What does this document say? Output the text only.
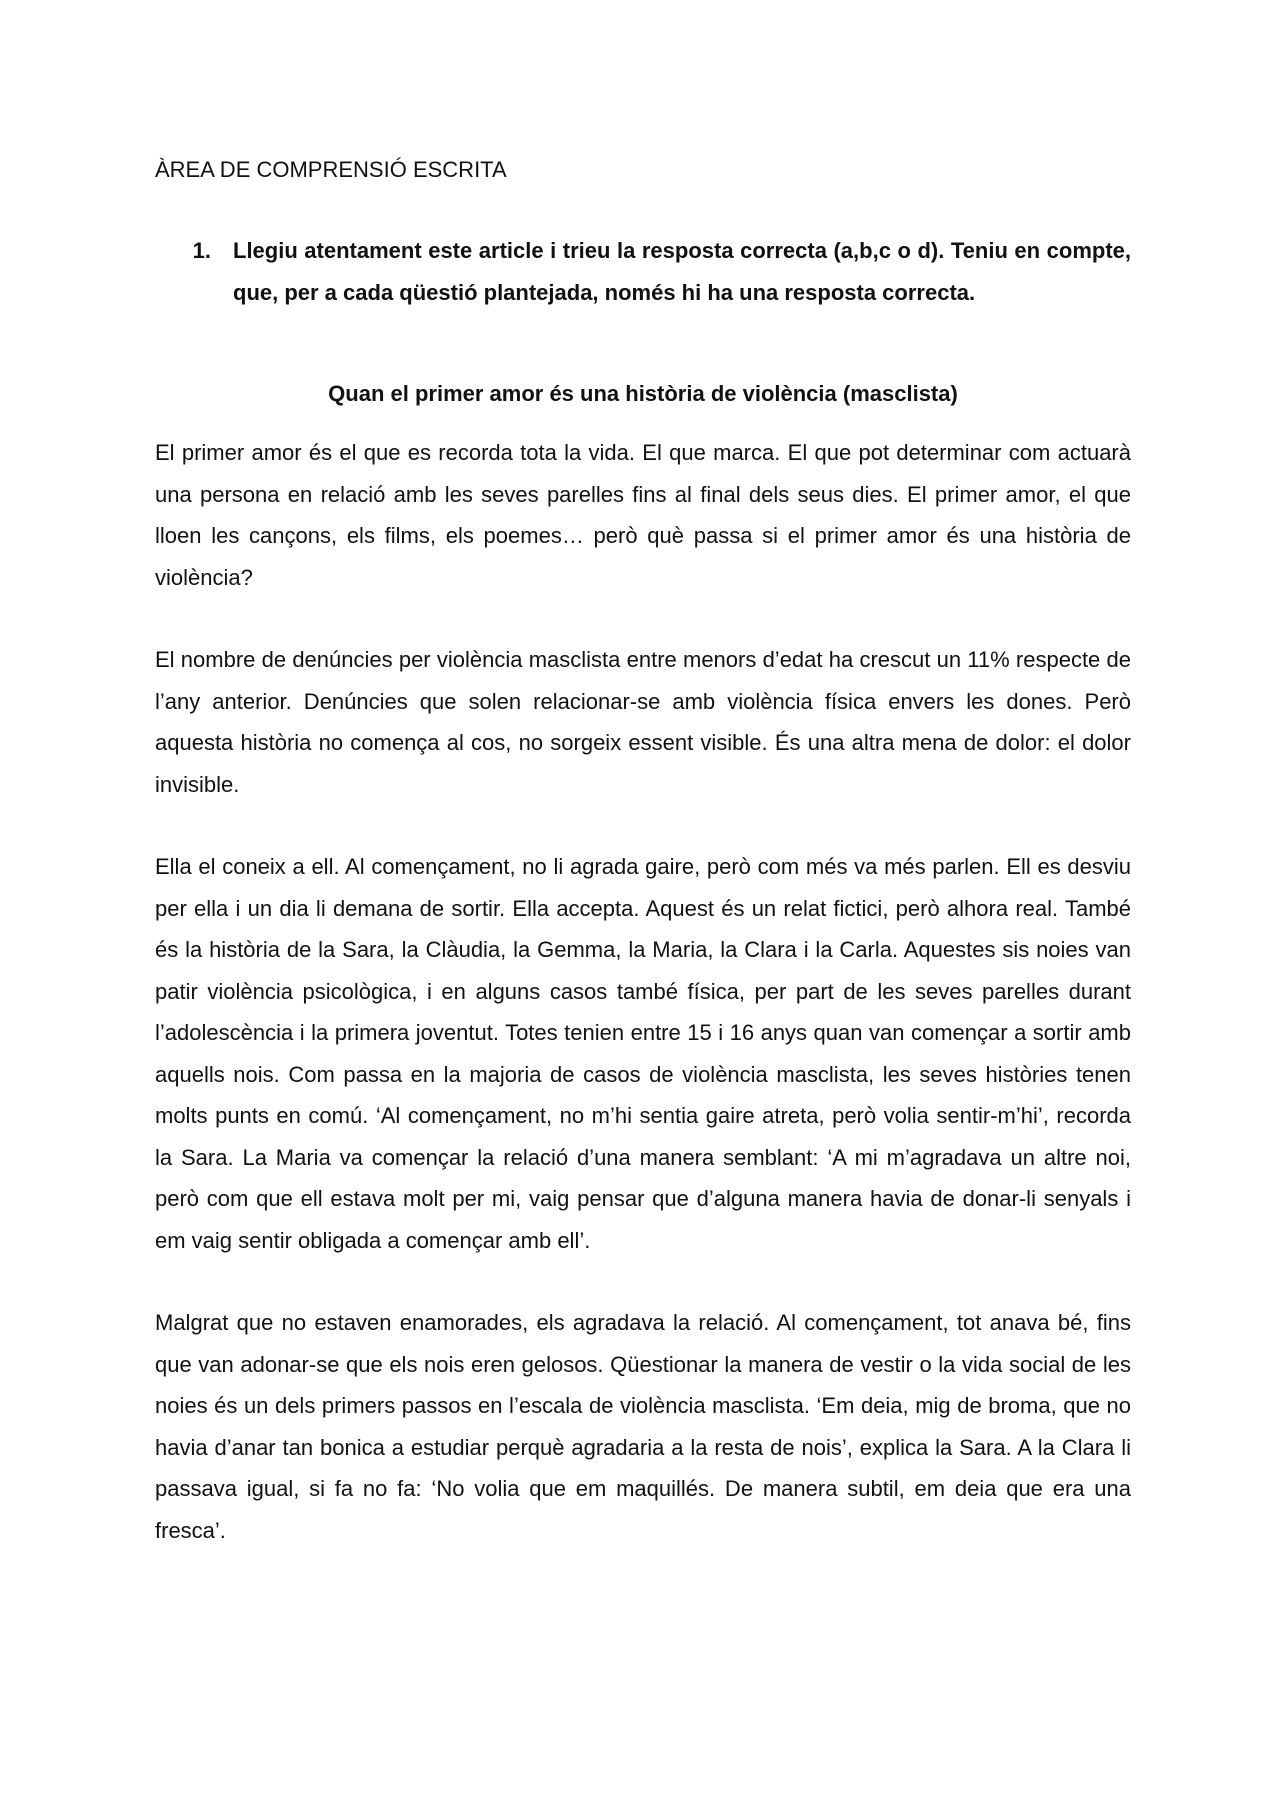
ÀREA DE COMPRENSIÓ ESCRITA
1.	Llegiu atentament este article i trieu la resposta correcta (a,b,c o d). Teniu en compte, que, per a cada qüestió plantejada, només hi ha una resposta correcta.
Quan el primer amor és una història de violència (masclista)

El primer amor és el que es recorda tota la vida. El que marca. El que pot determinar com actuarà una persona en relació amb les seves parelles fins al final dels seus dies. El primer amor, el que lloen les cançons, els films, els poemes… però què passa si el primer amor és una història de violència?

El nombre de denúncies per violència masclista entre menors d’edat ha crescut un 11% respecte de l’any anterior. Denúncies que solen relacionar-se amb violència física envers les dones. Però aquesta història no comença al cos, no sorgeix essent visible. És una altra mena de dolor: el dolor invisible.

Ella el coneix a ell. Al començament, no li agrada gaire, però com més va més parlen. Ell es desviu per ella i un dia li demana de sortir. Ella accepta. Aquest és un relat fictici, però alhora real. També és la història de la Sara, la Clàudia, la Gemma, la Maria, la Clara i la Carla. Aquestes sis noies van patir violència psicològica, i en alguns casos també física, per part de les seves parelles durant l’adolescència i la primera joventut. Totes tenien entre 15 i 16 anys quan van començar a sortir amb aquells nois. Com passa en la majoria de casos de violència masclista, les seves històries tenen molts punts en comú. ‘Al començament, no m’hi sentia gaire atreta, però volia sentir-m’hi’, recorda la Sara. La Maria va començar la relació d’una manera semblant: ‘A mi m’agradava un altre noi, però com que ell estava molt per mi, vaig pensar que d’alguna manera havia de donar-li senyals i em vaig sentir obligada a començar amb ell’.

Malgrat que no estaven enamorades, els agradava la relació. Al començament, tot anava bé, fins que van adonar-se que els nois eren gelosos. Qüestionar la manera de vestir o la vida social de les noies és un dels primers passos en l’escala de violència masclista. ‘Em deia, mig de broma, que no havia d’anar tan bonica a estudiar perquè agradaria a la resta de nois’, explica la Sara. A la Clara li passava igual, si fa no fa: ‘No volia que em maquillés. De manera subtil, em deia que era una fresca’.
